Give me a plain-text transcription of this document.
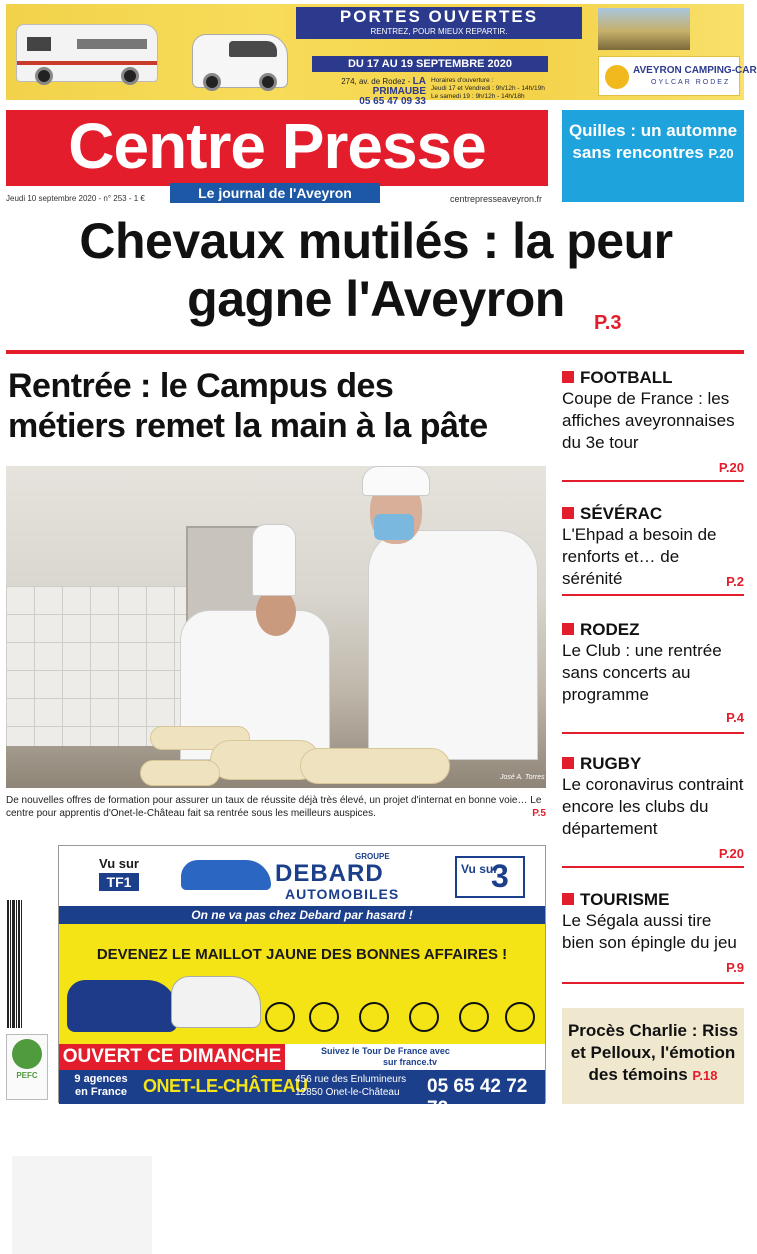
PORTES OUVERTES
RENTREZ, POUR MIEUX REPARTIR.
DU 17 AU 19 SEPTEMBRE 2020
274, av. de Rodez - LA PRIMAUBE
05 65 47 09 33
Horaires d'ouverture :
Jeudi 17 et Vendredi : 9h/12h - 14h/19h
Le samedi 19 : 9h/12h - 14h/18h
AVEYRON CAMPING-CAR
OYLCAR RODEZ
Centre Presse
Le journal de l'Aveyron
Jeudi 10 septembre 2020 - n° 253 - 1 €	centrepresseaveyron.fr
Quilles : un automne sans rencontres P.20
Chevaux mutilés : la peur
gagne l'Aveyron	P.3
Rentrée : le Campus des
métiers remet la main à la pâte
José A. Torres
De nouvelles offres de formation pour assurer un taux de réussite déjà très élevé, un projet d'internat en bonne voie… Le centre pour apprentis d'Onet-le-Château fait sa rentrée sous les meilleurs auspices.	P.5
FOOTBALL
Coupe de France : les affiches aveyronnaises du 3e tour
P.20
SÉVÉRAC
L'Ehpad a besoin de renforts et… de sérénité	P.2
RODEZ
Le Club : une rentrée sans concerts au programme
P.4
RUGBY
Le coronavirus contraint encore les clubs du département
P.20
TOURISME
Le Ségala aussi tire bien son épingle du jeu
P.9
Vu sur
TF1
GROUPE
DEBARD
AUTOMOBILES
Vu sur
3
On ne va pas chez Debard par hasard !
DEVENEZ LE MAILLOT JAUNE DES BONNES AFFAIRES !
OUVERT CE DIMANCHE	Suivez le Tour De France avec
sur france.tv
9 agences en France ONET-LE-CHÂTEAU
456 rue des Enlumineurs
12850 Onet-le-Château	05 65 42 72 72
PEFC
Procès Charlie : Riss et Pelloux, l'émotion des témoins P.18
